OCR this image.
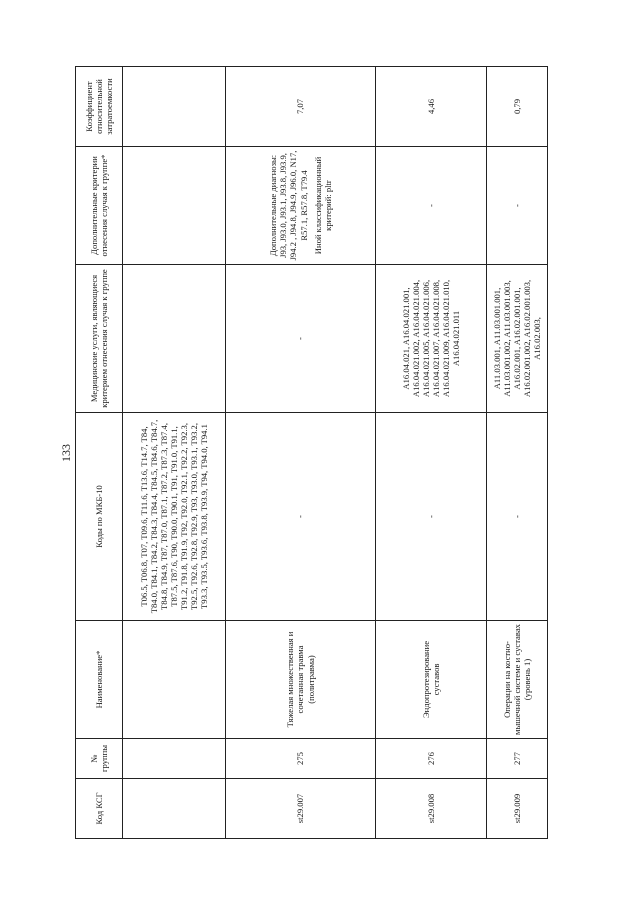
133
Код КСГ	№ группы	Наименование*	Коды по МКБ-10	Медицинские услуги, являющиеся критерием отнесения случая к группе	Дополнительные критерии отнесения случая к группе*	Коэффициент относительной затратоемкости
			T06.5, T06.8, T07, T09.6, T11.6, T13.6, T14.7, T84, T84.0, T84.1, T84.2, T84.3, T84.4, T84.5, T84.6, T84.7, T84.8, T84.9, T87, T87.0, T87.1, T87.2, T87.3, T87.4, T87.5, T87.6, T90, T90.0, T90.1, T91, T91.0, T91.1, T91.2, T91.8, T91.9, T92, T92.0, T92.1, T92.2, T92.3, T92.5, T92.6, T92.8, T92.9, T93, T93.0, T93.1, T93.2, T93.3, T93.5, T93.6, T93.8, T93.9, T94, T94.0, T94.1			
st29.007	275	Тяжелая множественная и сочетанная травма (политравма)	-	-	Дополнительные диагнозы: J93, J93.0, J93.1, J93.8, J93.9, J94.2 , J94.8, J94.9, J96.0, N17, R57.1, R57.8, T79.4 Иной классификационный критерий: pltr	7,07
st29.008	276	Эндопротезирование суставов	-	A16.04.021, A16.04.021.001, A16.04.021.002, A16.04.021.004, A16.04.021.005, A16.04.021.006, A16.04.021.007, A16.04.021.008, A16.04.021.009, A16.04.021.010, A16.04.021.011	-	4,46
st29.009	277	Операции на костно-мышечной системе и суставах (уровень 1)	-	A11.03.001, A11.03.001.001, A11.03.001.002, A11.03.001.003, A16.02.001, A16.02.001.001, A16.02.001.002, A16.02.001.003, A16.02.003,	-	0,79
